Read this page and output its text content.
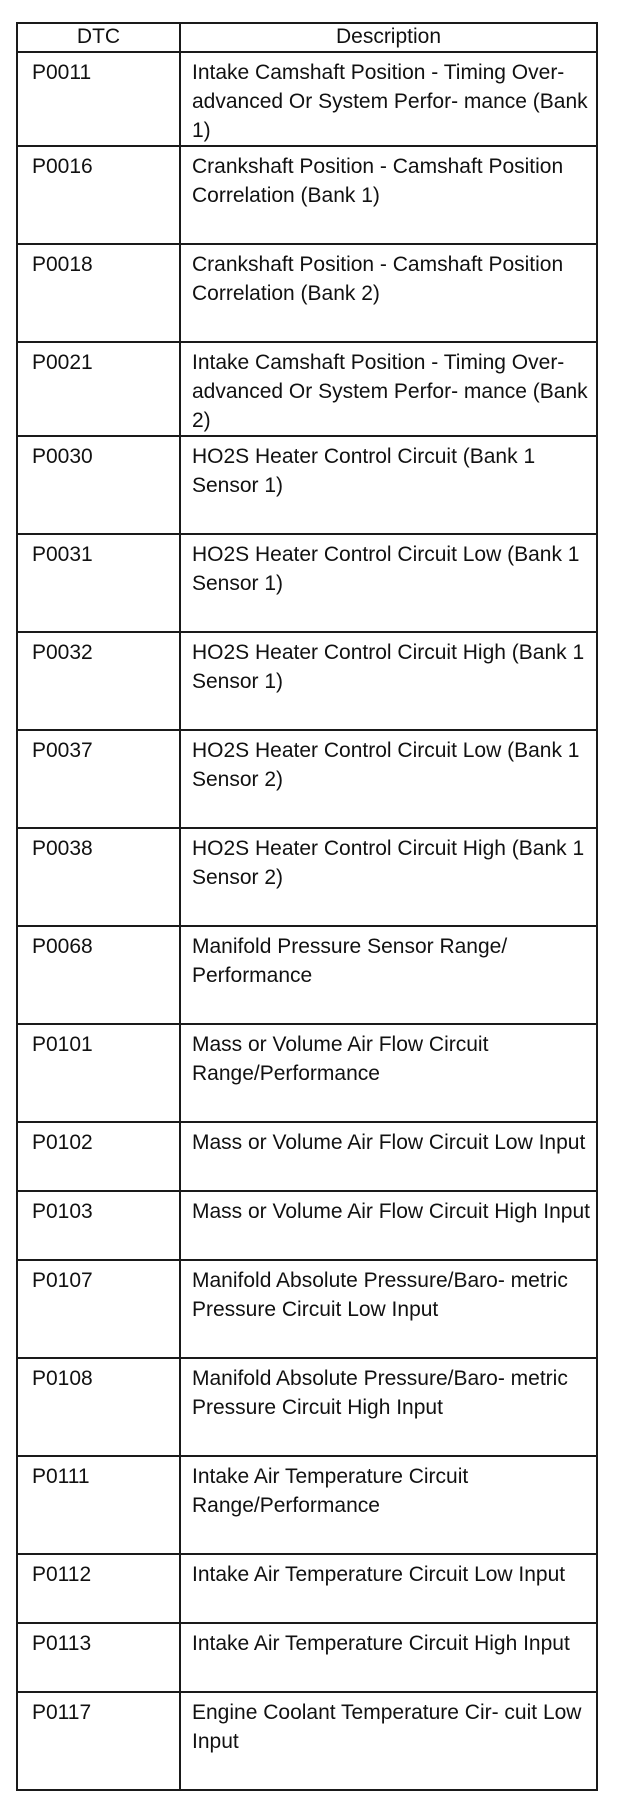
DTC	Description
P0011	Intake Camshaft Position - Timing Over-advanced Or System Perfor- mance (Bank 1)
P0016	Crankshaft Position - Camshaft Position Correlation (Bank 1)
P0018	Crankshaft Position - Camshaft Position Correlation (Bank 2)
P0021	Intake Camshaft Position - Timing Over-advanced Or System Perfor- mance (Bank 2)
P0030	HO2S Heater Control Circuit (Bank 1 Sensor 1)
P0031	HO2S Heater Control Circuit Low (Bank 1 Sensor 1)
P0032	HO2S Heater Control Circuit High (Bank 1 Sensor 1)
P0037	HO2S Heater Control Circuit Low (Bank 1 Sensor 2)
P0038	HO2S Heater Control Circuit High (Bank 1 Sensor 2)
P0068	Manifold Pressure Sensor Range/ Performance
P0101	Mass or Volume Air Flow Circuit Range/Performance
P0102	Mass or Volume Air Flow Circuit Low Input
P0103	Mass or Volume Air Flow Circuit High Input
P0107	Manifold Absolute Pressure/Baro- metric Pressure Circuit Low Input
P0108	Manifold Absolute Pressure/Baro- metric Pressure Circuit High Input
P0111	Intake Air Temperature Circuit Range/Performance
P0112	Intake Air Temperature Circuit Low Input
P0113	Intake Air Temperature Circuit High Input
P0117	Engine Coolant Temperature Cir- cuit Low Input
